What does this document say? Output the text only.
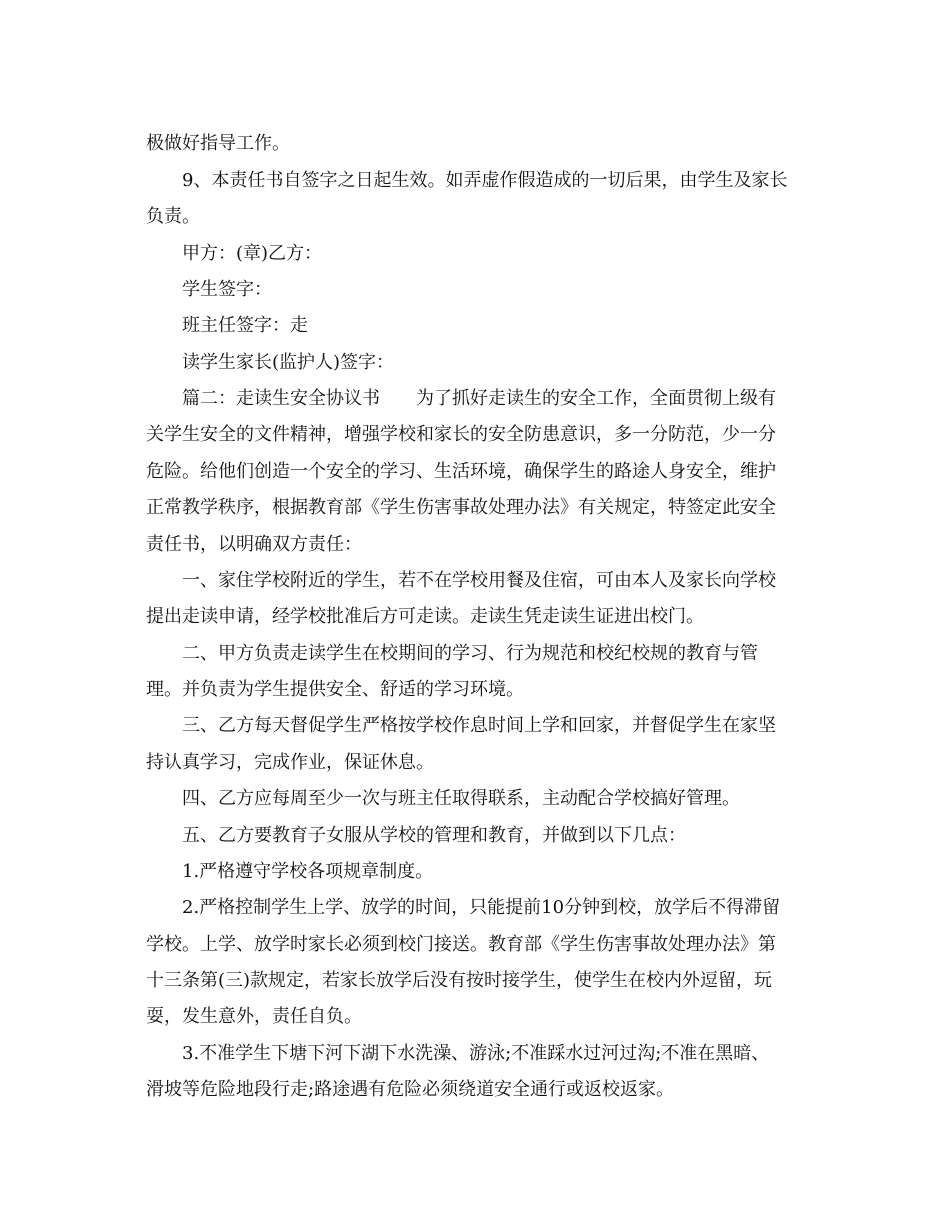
极做好指导工作。

9、本责任书自签字之日起生效。如弄虚作假造成的一切后果，由学生及家长

负责。

甲方：(章)乙方：

学生签字：

班主任签字：走

读学生家长(监护人)签字：

篇二：走读生安全协议书　　为了抓好走读生的安全工作，全面贯彻上级有

关学生安全的文件精神，增强学校和家长的安全防患意识，多一分防范，少一分

危险。给他们创造一个安全的学习、生活环境，确保学生的路途人身安全，维护

正常教学秩序，根据教育部《学生伤害事故处理办法》有关规定，特签定此安全

责任书，以明确双方责任：

一、家住学校附近的学生，若不在学校用餐及住宿，可由本人及家长向学校

提出走读申请，经学校批准后方可走读。走读生凭走读生证进出校门。

二、甲方负责走读学生在校期间的学习、行为规范和校纪校规的教育与管

理。并负责为学生提供安全、舒适的学习环境。

三、乙方每天督促学生严格按学校作息时间上学和回家，并督促学生在家坚

持认真学习，完成作业，保证休息。

四、乙方应每周至少一次与班主任取得联系，主动配合学校搞好管理。

五、乙方要教育子女服从学校的管理和教育，并做到以下几点：

1.严格遵守学校各项规章制度。

2.严格控制学生上学、放学的时间，只能提前10分钟到校，放学后不得滞留

学校。上学、放学时家长必须到校门接送。教育部《学生伤害事故处理办法》第

十三条第(三)款规定，若家长放学后没有按时接学生，使学生在校内外逗留，玩

耍，发生意外，责任自负。

3.不准学生下塘下河下湖下水洗澡、游泳;不准踩水过河过沟;不准在黑暗、

滑坡等危险地段行走;路途遇有危险必须绕道安全通行或返校返家。
